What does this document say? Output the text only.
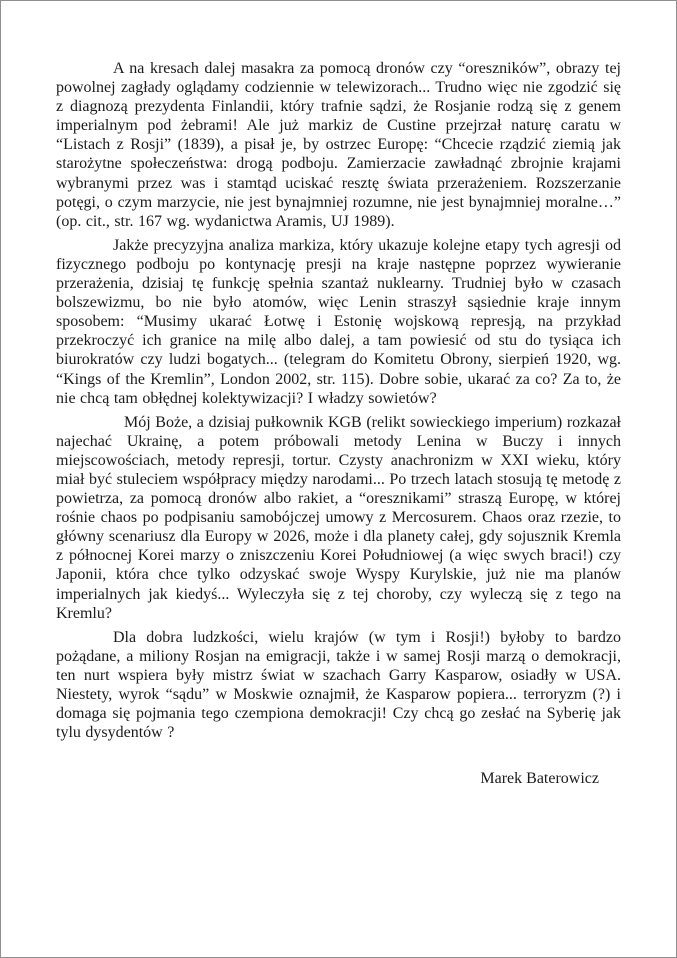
A na kresach dalej masakra za pomocą dronów czy “oreszników”, obrazy tej powolnej zagłady oglądamy codziennie w telewizorach... Trudno więc nie zgodzić się z diagnozą prezydenta Finlandii, który trafnie sądzi, że Rosjanie rodzą się z genem imperialnym pod żebrami! Ale już markiz de Custine przejrzał naturę caratu w “Listach z Rosji” (1839), a pisał je, by ostrzec Europę: “Chcecie rządzić ziemią jak starożytne społeczeństwa: drogą podboju. Zamierzacie zawładnąć zbrojnie krajami wybranymi przez was i stamtąd uciskać resztę świata przerażeniem. Rozszerzanie potęgi, o czym marzycie, nie jest bynajmniej rozumne, nie jest bynajmniej moralne…” (op. cit., str. 167 wg. wydanictwa Aramis, UJ 1989).

Jakże precyzyjna analiza markiza, który ukazuje kolejne etapy tych agresji od fizycznego podboju po kontynację presji na kraje następne poprzez wywieranie przerażenia, dzisiaj tę funkcję spełnia szantaż nuklearny. Trudniej było w czasach bolszewizmu, bo nie było atomów, więc Lenin straszył sąsiednie kraje innym sposobem: “Musimy ukarać Łotwę i Estonię wojskową represją, na przykład przekroczyć ich granice na milę albo dalej, a tam powiesić od stu do tysiąca ich biurokratów czy ludzi bogatych... (telegram do Komitetu Obrony, sierpień 1920, wg. “Kings of the Kremlin”, London 2002, str. 115). Dobre sobie, ukarać za co? Za to, że nie chcą tam obłędnej kolektywizacji? I władzy sowietów?

Mój Boże, a dzisiaj pułkownik KGB (relikt sowieckiego imperium) rozkazał najechać Ukrainę, a potem próbowali metody Lenina w Buczy i innych miejscowościach, metody represji, tortur. Czysty anachronizm w XXI wieku, który miał być stuleciem współpracy między narodami... Po trzech latach stosują tę metodę z powietrza, za pomocą dronów albo rakiet, a “oresznikami” straszą Europę, w której rośnie chaos po podpisaniu samobójczej umowy z Mercosurem. Chaos oraz rzezie, to główny scenariusz dla Europy w 2026, może i dla planety całej, gdy sojusznik Kremla z północnej Korei marzy o zniszczeniu Korei Południowej (a więc swych braci!) czy Japonii, która chce tylko odzyskać swoje Wyspy Kurylskie, już nie ma planów imperialnych jak kiedyś... Wyleczyła się z tej choroby, czy wyleczą się z tego na Kremlu?

Dla dobra ludzkości, wielu krajów (w tym i Rosji!) byłoby to bardzo pożądane, a miliony Rosjan na emigracji, także i w samej Rosji marzą o demokracji, ten nurt wspiera były mistrz świat w szachach Garry Kasparow, osiadły w USA. Niestety, wyrok “sądu” w Moskwie oznajmił, że Kasparow popiera... terroryzm (?) i domaga się pojmania tego czempiona demokracji! Czy chcą go zesłać na Syberię jak tylu dysydentów ?

Marek Baterowicz
